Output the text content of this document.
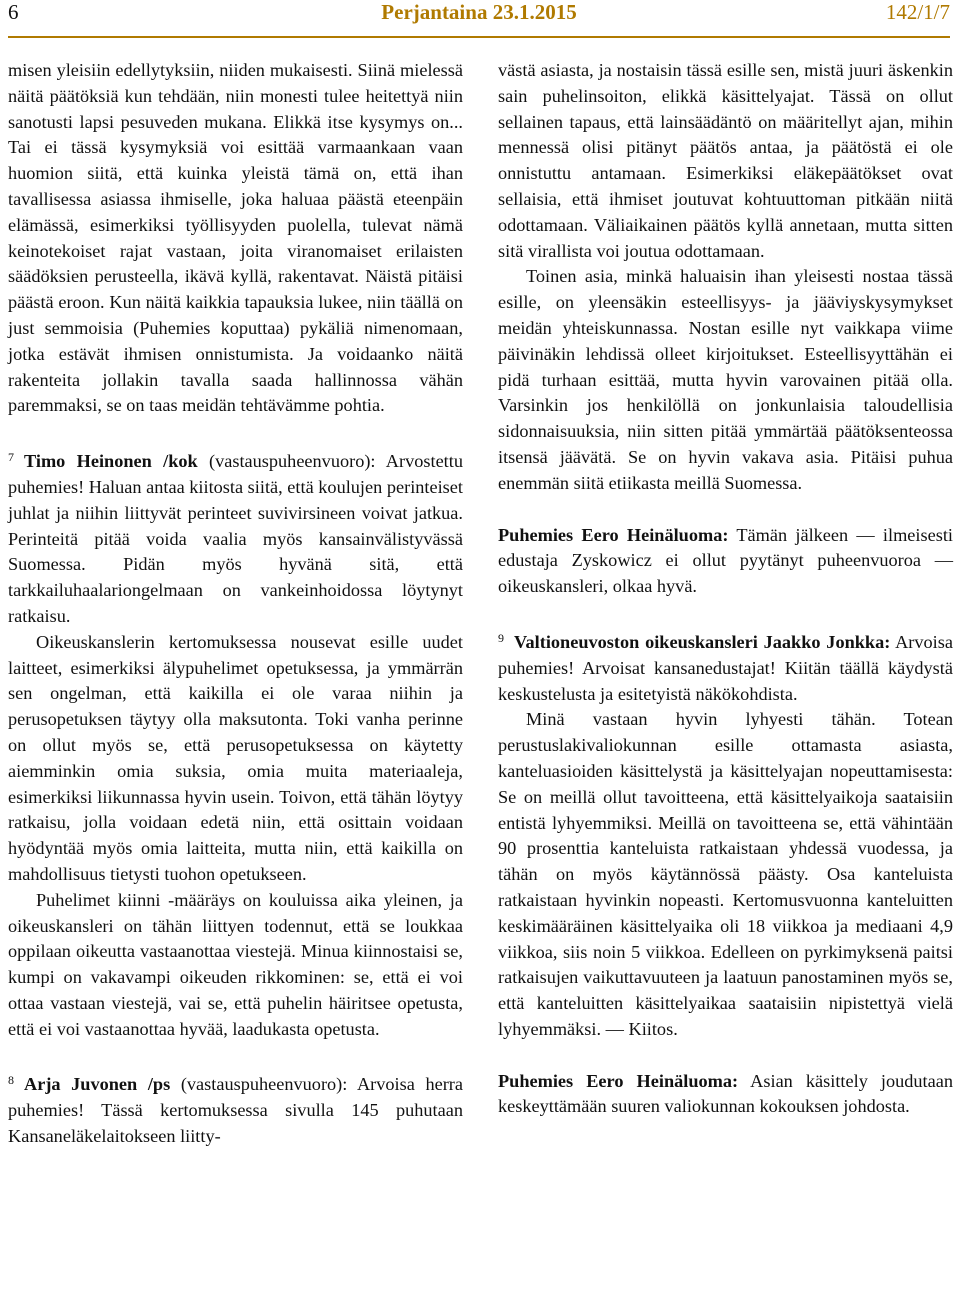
6	Perjantaina 23.1.2015	142/1/7

misen yleisiin edellytyksiin, niiden mukaisesti. Siinä mielessä näitä päätöksiä kun tehdään, niin monesti tulee heitettyä niin sanotusti lapsi pesuveden mukana. Elikkä itse kysymys on... Tai ei tässä kysymyksiä voi esittää varmaankaan vaan huomion siitä, että kuinka yleistä tämä on, että ihan tavallisessa asiassa ihmiselle, joka haluaa päästä eteenpäin elämässä, esimerkiksi työllisyyden puolella, tulevat nämä keinotekoiset rajat vastaan, joita viranomaiset erilaisten säädöksien perusteella, ikävä kyllä, rakentavat. Näistä pitäisi päästä eroon. Kun näitä kaikkia tapauksia lukee, niin täällä on just semmoisia (Puhemies koputtaa) pykäliä nimenomaan, jotka estävät ihmisen onnistumista. Ja voidaanko näitä rakenteita jollakin tavalla saada hallinnossa vähän paremmaksi, se on taas meidän tehtävämme pohtia.

$^7$ Timo Heinonen /kok (vastauspuheenvuoro): Arvostettu puhemies! Haluan antaa kiitosta siitä, että koulujen perinteiset juhlat ja niihin liittyvät perinteet suvivirsineen voivat jatkua. Perinteitä pitää voida vaalia myös kansainvälistyvässä Suomessa. Pidän myös hyvänä sitä, että tarkkailuhaalariongelmaan on vankeinhoidossa löytynyt ratkaisu.

Oikeuskanslerin kertomuksessa nousevat esille uudet laitteet, esimerkiksi älypuhelimet opetuksessa, ja ymmärrän sen ongelman, että kaikilla ei ole varaa niihin ja perusopetuksen täytyy olla maksutonta. Toki vanha perinne on ollut myös se, että perusopetuksessa on käytetty aiemminkin omia suksia, omia muita materiaaleja, esimerkiksi liikunnassa hyvin usein. Toivon, että tähän löytyy ratkaisu, jolla voidaan edetä niin, että osittain voidaan hyödyntää myös omia laitteita, mutta niin, että kaikilla on mahdollisuus tietysti tuohon opetukseen.

Puhelimet kiinni -määräys on kouluissa aika yleinen, ja oikeuskansleri on tähän liittyen todennut, että se loukkaa oppilaan oikeutta vastaanottaa viestejä. Minua kiinnostaisi se, kumpi on vakavampi oikeuden rikkominen: se, että ei voi ottaa vastaan viestejä, vai se, että puhelin häiritsee opetusta, että ei voi vastaanottaa hyvää, laadukasta opetusta.

$^8$ Arja Juvonen /ps (vastauspuheenvuoro): Arvoisa herra puhemies! Tässä kertomuksessa sivulla 145 puhutaan Kansaneläkelaitokseen liitty-

västä asiasta, ja nostaisin tässä esille sen, mistä juuri äskenkin sain puhelinsoiton, elikkä käsittelyajat. Tässä on ollut sellainen tapaus, että lainsäädäntö on määritellyt ajan, mihin mennessä olisi pitänyt päätös antaa, ja päätöstä ei ole onnistuttu antamaan. Esimerkiksi eläkepäätökset ovat sellaisia, että ihmiset joutuvat kohtuuttoman pitkään niitä odottamaan. Väliaikainen päätös kyllä annetaan, mutta sitten sitä virallista voi joutua odottamaan.

Toinen asia, minkä haluaisin ihan yleisesti nostaa tässä esille, on yleensäkin esteellisyys- ja jääviyskysymykset meidän yhteiskunnassa. Nostan esille nyt vaikkapa viime päivinäkin lehdissä olleet kirjoitukset. Esteellisyyttähän ei pidä turhaan esittää, mutta hyvin varovainen pitää olla. Varsinkin jos henkilöllä on jonkunlaisia taloudellisia sidonnaisuuksia, niin sitten pitää ymmärtää päätöksenteossa itsensä jäävätä. Se on hyvin vakava asia. Pitäisi puhua enemmän siitä etiikasta meillä Suomessa.

Puhemies Eero Heinäluoma: Tämän jälkeen — ilmeisesti edustaja Zyskowicz ei ollut pyytänyt puheenvuoroa — oikeuskansleri, olkaa hyvä.

$^9$ Valtioneuvoston oikeuskansleri Jaakko Jonkka: Arvoisa puhemies! Arvoisat kansanedustajat! Kiitän täällä käydystä keskustelusta ja esitetyistä näkökohdista.

Minä vastaan hyvin lyhyesti tähän. Totean perustuslakivaliokunnan esille ottamasta asiasta, kanteluasioiden käsittelystä ja käsittelyajan nopeuttamisesta: Se on meillä ollut tavoitteena, että käsittelyaikoja saataisiin entistä lyhyemmiksi. Meillä on tavoitteena se, että vähintään 90 prosenttia kanteluista ratkaistaan yhdessä vuodessa, ja tähän on myös käytännössä päästy. Osa kanteluista ratkaistaan hyvinkin nopeasti. Kertomusvuonna kanteluitten keskimääräinen käsittelyaika oli 18 viikkoa ja mediaani 4,9 viikkoa, siis noin 5 viikkoa. Edelleen on pyrkimyksenä paitsi ratkaisujen vaikuttavuuteen ja laatuun panostaminen myös se, että kanteluitten käsittelyaikaa saataisiin nipistettyä vielä lyhyemmäksi. — Kiitos.

Puhemies Eero Heinäluoma: Asian käsittely joudutaan keskeyttämään suuren valiokunnan kokouksen johdosta.
